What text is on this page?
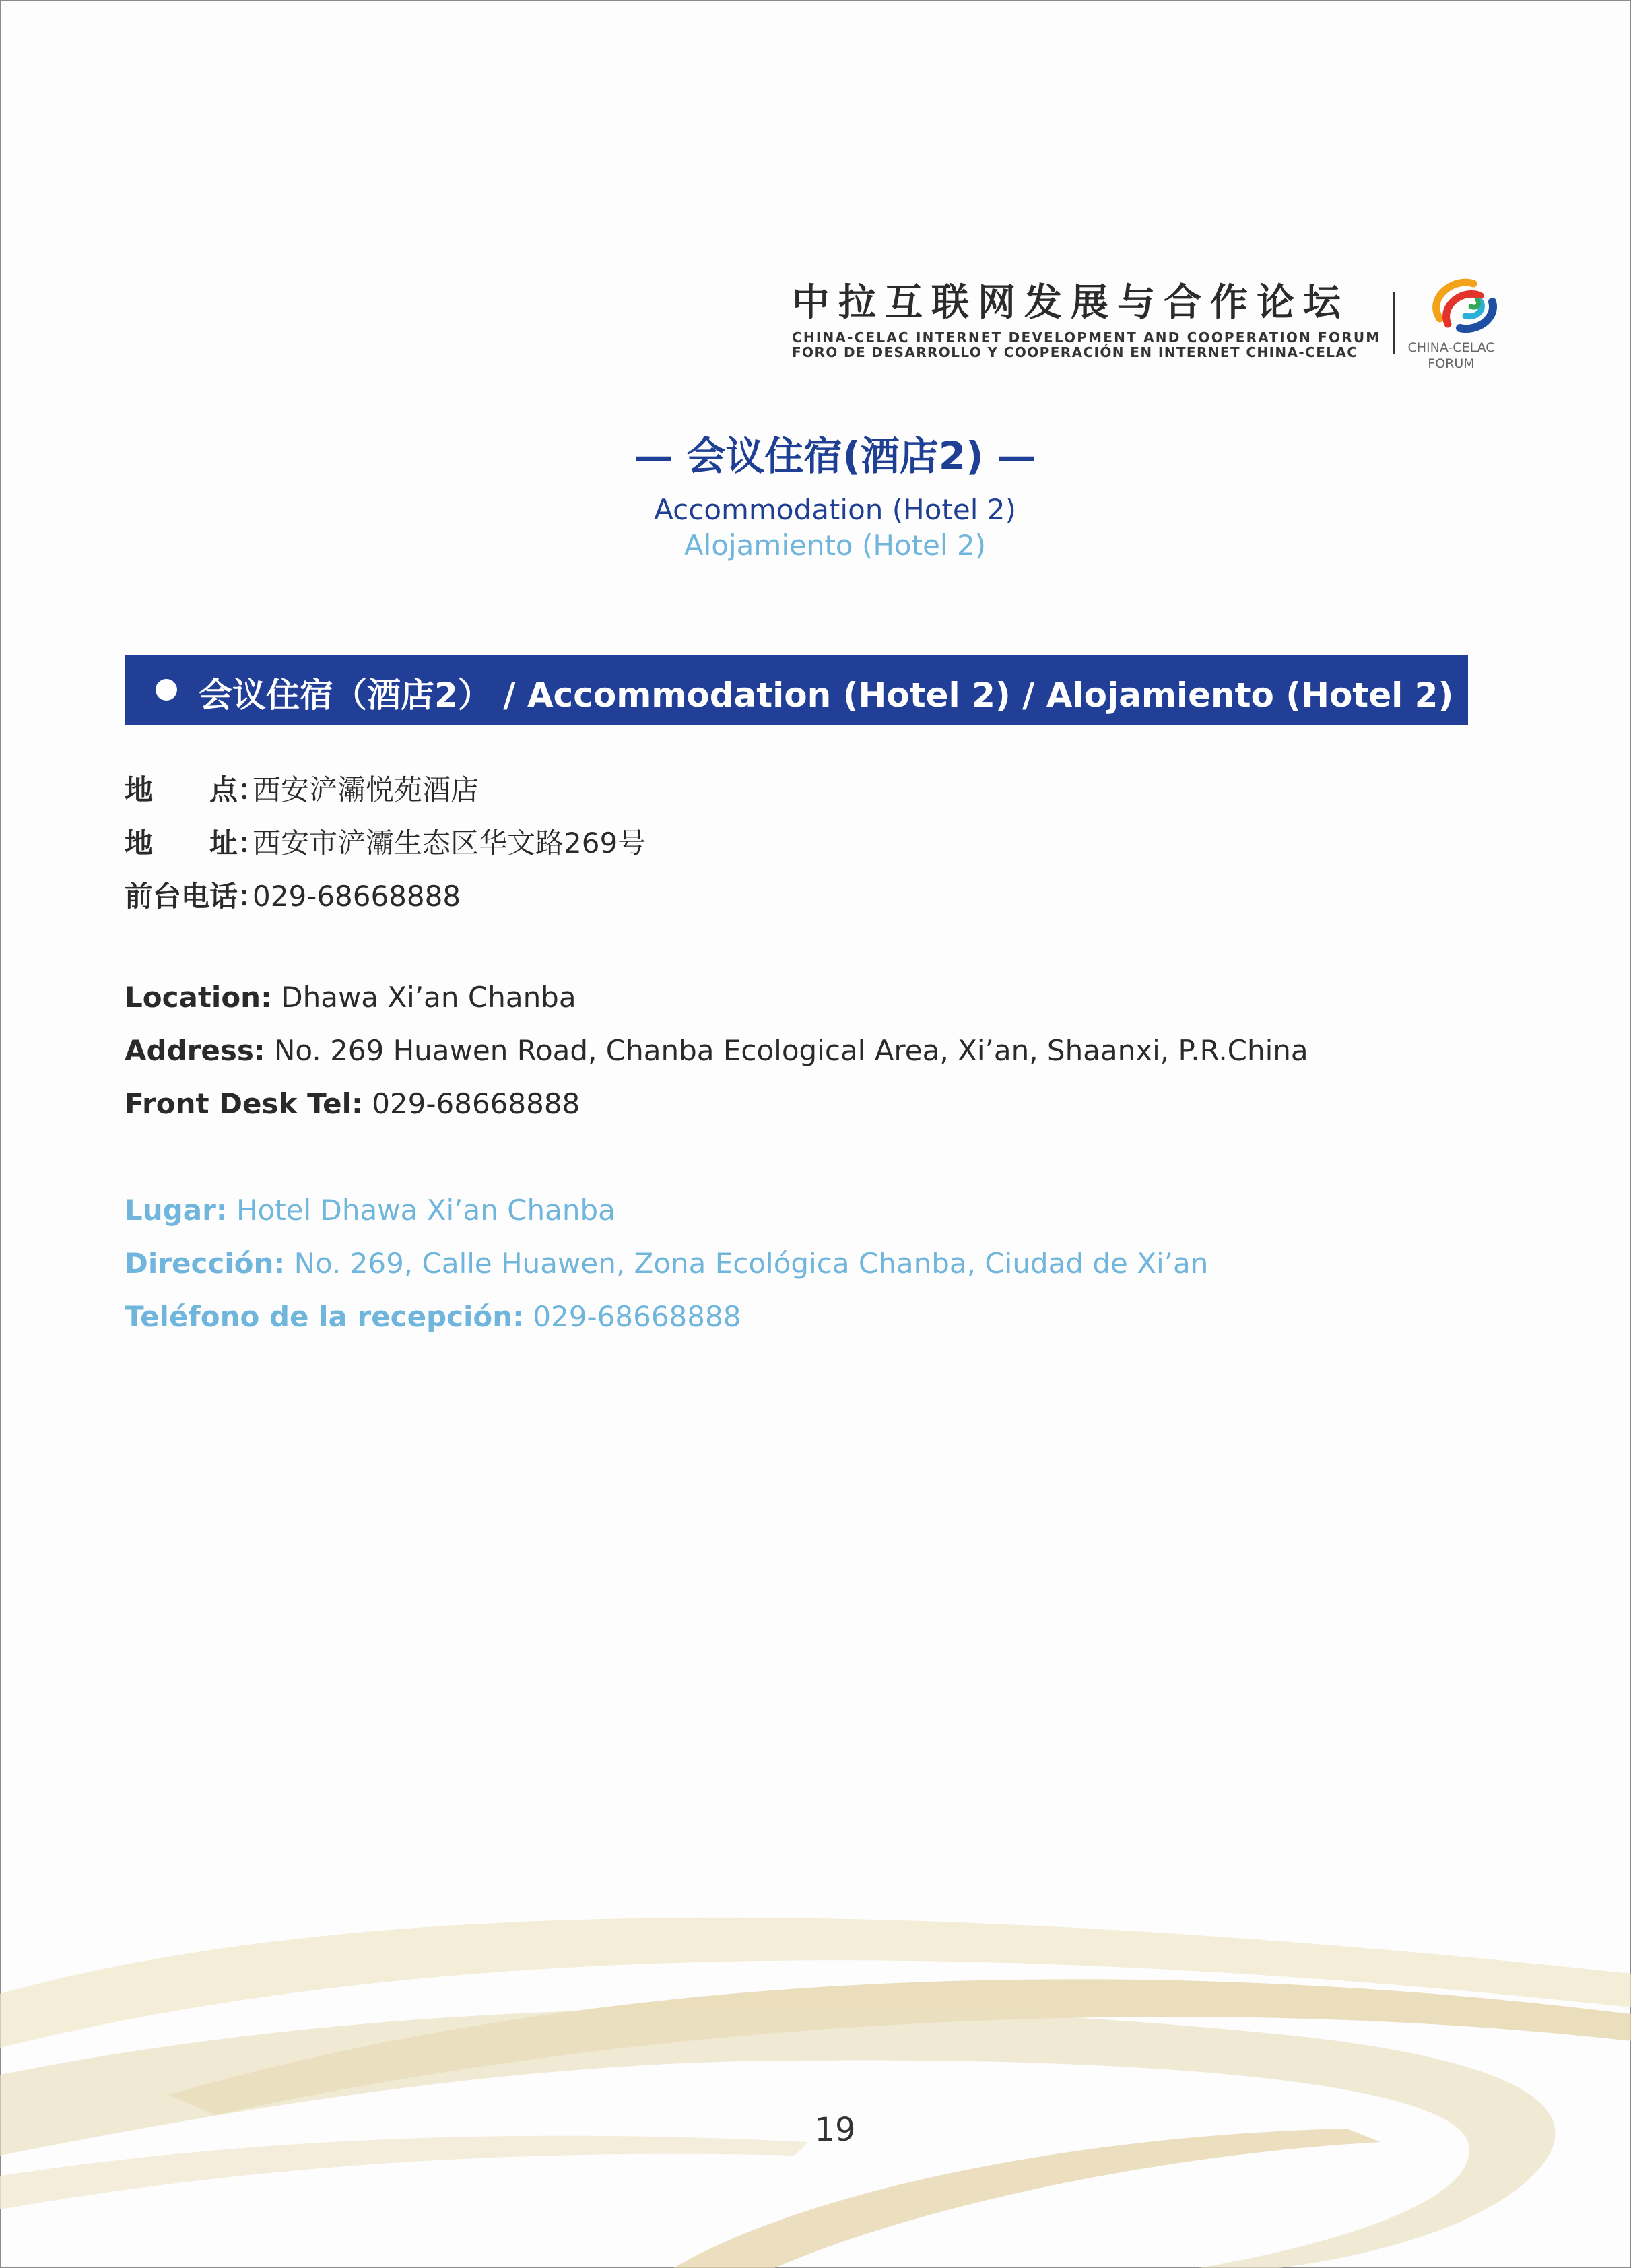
中拉互联网发展与合作论坛
CHINA-CELAC INTERNET DEVELOPMENT AND COOPERATION FORUM
FORO DE DESARROLLO Y COOPERACIÓN EN INTERNET CHINA-CELAC	CHINA-CELAC
FORUM
— 会议住宿(酒店2) —
Accommodation (Hotel 2)
Alojamiento (Hotel 2)
会议住宿（酒店2） / Accommodation (Hotel 2) / Alojamiento (Hotel 2)
地　　点：西安浐灞悦苑酒店
地　　址：西安市浐灞生态区华文路269号
前台电话：029-68668888
Location: Dhawa Xi’an Chanba
Address: No. 269 Huawen Road, Chanba Ecological Area, Xi’an, Shaanxi, P.R.China
Front Desk Tel: 029-68668888
Lugar: Hotel Dhawa Xi’an Chanba
Dirección: No. 269, Calle Huawen, Zona Ecológica Chanba, Ciudad de Xi’an
Teléfono de la recepción: 029-68668888
19
